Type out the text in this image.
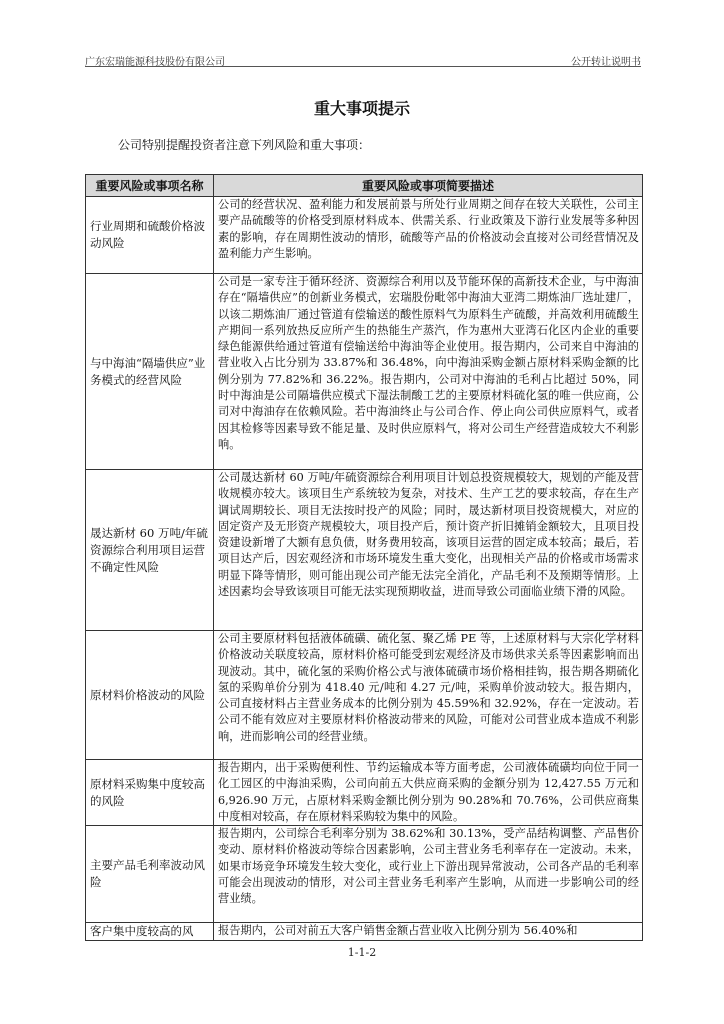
广东宏瑞能源科技股份有限公司	公开转让说明书
重大事项提示

公司特别提醒投资者注意下列风险和重大事项：

重要风险或事项名称	重要风险或事项简要描述
行业周期和硫酸价格波动风险	公司的经营状况、盈利能力和发展前景与所处行业周期之间存在较大关联性，公司主要产品硫酸等的价格受到原材料成本、供需关系、行业政策及下游行业发展等多种因素的影响，存在周期性波动的情形，硫酸等产品的价格波动会直接对公司经营情况及盈利能力产生影响。
与中海油“隔墙供应”业务模式的经营风险	公司是一家专注于循环经济、资源综合利用以及节能环保的高新技术企业，与中海油存在“隔墙供应”的创新业务模式，宏瑞股份毗邻中海油大亚湾二期炼油厂选址建厂，以该二期炼油厂通过管道有偿输送的酸性原料气为原料生产硫酸，并高效利用硫酸生产期间一系列放热反应所产生的热能生产蒸汽，作为惠州大亚湾石化区内企业的重要绿色能源供给通过管道有偿输送给中海油等企业使用。报告期内，公司来自中海油的营业收入占比分别为 33.87%和 36.48%，向中海油采购金额占原材料采购金额的比例分别为 77.82%和 36.22%。报告期内，公司对中海油的毛利占比超过 50%，同时中海油是公司隔墙供应模式下湿法制酸工艺的主要原材料硫化氢的唯一供应商，公司对中海油存在依赖风险。若中海油终止与公司合作、停止向公司供应原料气，或者因其检修等因素导致不能足量、及时供应原料气，将对公司生产经营造成较大不利影响。
晟达新材 60 万吨/年硫资源综合利用项目运营不确定性风险	公司晟达新材 60 万吨/年硫资源综合利用项目计划总投资规模较大，规划的产能及营收规模亦较大。该项目生产系统较为复杂，对技术、生产工艺的要求较高，存在生产调试周期较长、项目无法按时投产的风险；同时，晟达新材项目投资规模大，对应的固定资产及无形资产规模较大，项目投产后，预计资产折旧摊销金额较大，且项目投资建设新增了大额有息负债，财务费用较高，该项目运营的固定成本较高；最后，若项目达产后，因宏观经济和市场环境发生重大变化，出现相关产品的价格或市场需求明显下降等情形，则可能出现公司产能无法完全消化，产品毛利不及预期等情形。上述因素均会导致该项目可能无法实现预期收益，进而导致公司面临业绩下滑的风险。
原材料价格波动的风险	公司主要原材料包括液体硫磺、硫化氢、聚乙烯 PE 等，上述原材料与大宗化学材料价格波动关联度较高，原材料价格可能受到宏观经济及市场供求关系等因素影响而出现波动。其中，硫化氢的采购价格公式与液体硫磺市场价格相挂钩，报告期各期硫化氢的采购单价分别为 418.40 元/吨和 4.27 元/吨，采购单价波动较大。报告期内，公司直接材料占主营业务成本的比例分别为 45.59%和 32.92%，存在一定波动。若公司不能有效应对主要原材料价格波动带来的风险，可能对公司营业成本造成不利影响，进而影响公司的经营业绩。
原材料采购集中度较高的风险	报告期内，出于采购便利性、节约运输成本等方面考虑，公司液体硫磺均向位于同一化工园区的中海油采购，公司向前五大供应商采购的金额分别为 12,427.55 万元和 6,926.90 万元，占原材料采购金额比例分别为 90.28%和 70.76%，公司供应商集中度相对较高，存在原材料采购较为集中的风险。
主要产品毛利率波动风险	报告期内，公司综合毛利率分别为 38.62%和 30.13%，受产品结构调整、产品售价变动、原材料价格波动等综合因素影响，公司主营业务毛利率存在一定波动。未来，如果市场竞争环境发生较大变化，或行业上下游出现异常波动，公司各产品的毛利率可能会出现波动的情形，对公司主营业务毛利率产生影响，从而进一步影响公司的经营业绩。
客户集中度较高的风	报告期内，公司对前五大客户销售金额占营业收入比例分别为 56.40%和
1-1-2
